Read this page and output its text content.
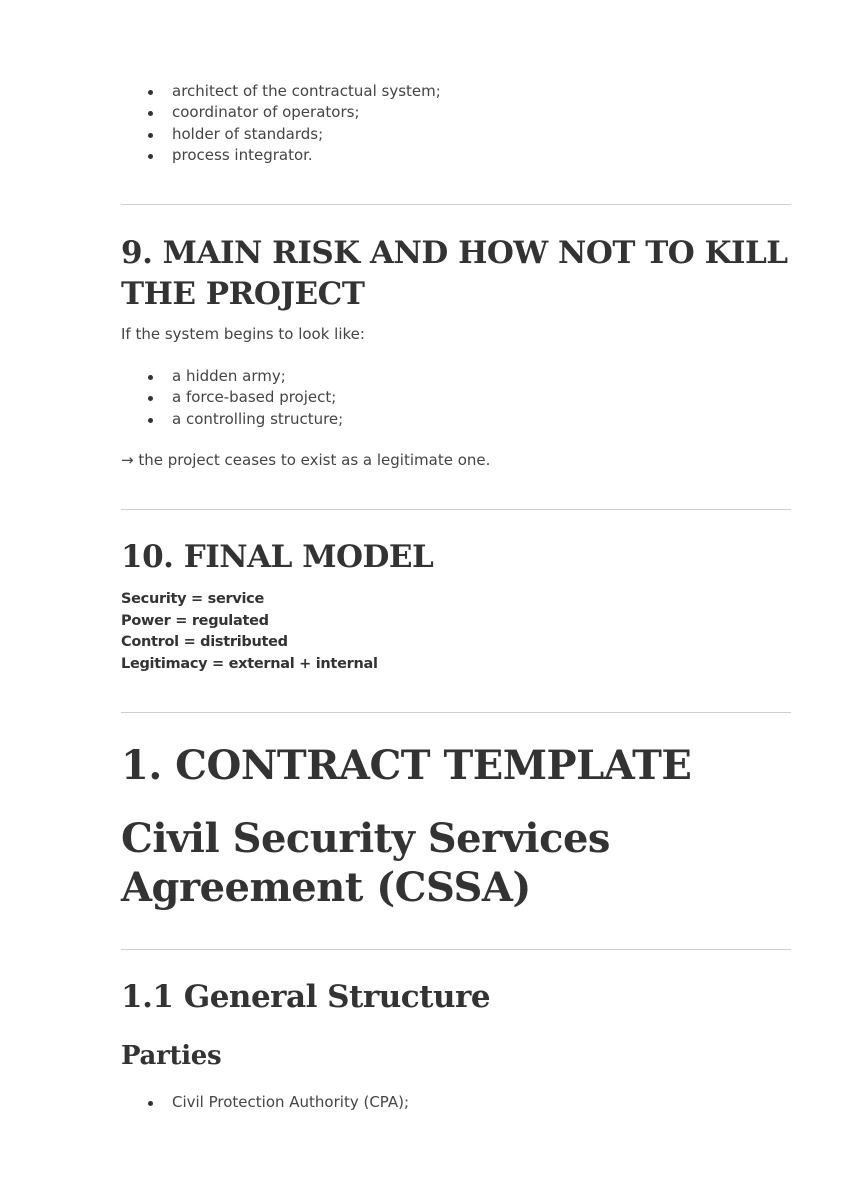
architect of the contractual system;
coordinator of operators;
holder of standards;
process integrator.
9. MAIN RISK AND HOW NOT TO KILL THE PROJECT

If the system begins to look like:

a hidden army;
a force-based project;
a controlling structure;

→ the project ceases to exist as a legitimate one.

10. FINAL MODEL
Security = service
Power = regulated
Control = distributed
Legitimacy = external + internal
1. CONTRACT TEMPLATE
Civil Security Services Agreement (CSSA)
1.1 General Structure
Parties
Civil Protection Authority (CPA);
